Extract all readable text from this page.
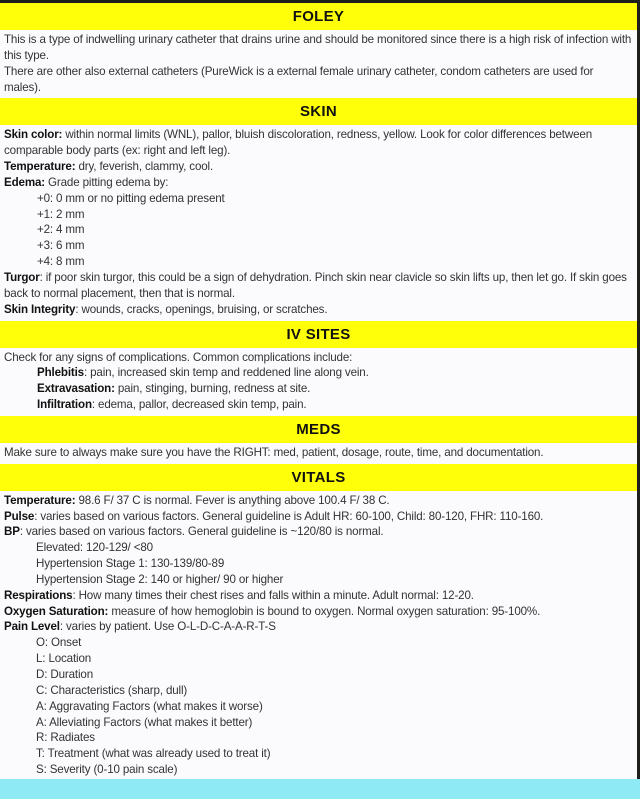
FOLEY
This is a type of indwelling urinary catheter that drains urine and should be monitored since there is a high risk of infection with this type.
There are other also external catheters (PureWick is a external female urinary catheter, condom catheters are used for males).
SKIN
Skin color: within normal limits (WNL), pallor, bluish discoloration, redness, yellow. Look for color differences between comparable body parts (ex: right and left leg).
Temperature: dry, feverish, clammy, cool.
Edema: Grade pitting edema by:
+0: 0 mm or no pitting edema present
+1: 2 mm
+2: 4 mm
+3: 6 mm
+4: 8 mm
Turgor: if poor skin turgor, this could be a sign of dehydration. Pinch skin near clavicle so skin lifts up, then let go. If skin goes back to normal placement, then that is normal.
Skin Integrity: wounds, cracks, openings, bruising, or scratches.
IV SITES
Check for any signs of complications. Common complications include:
Phlebitis: pain, increased skin temp and reddened line along vein.
Extravasation: pain, stinging, burning, redness at site.
Infiltration: edema, pallor, decreased skin temp, pain.
MEDS
Make sure to always make sure you have the RIGHT: med, patient, dosage, route, time, and documentation.
VITALS
Temperature: 98.6 F/ 37 C is normal. Fever is anything above 100.4 F/ 38 C.
Pulse: varies based on various factors. General guideline is Adult HR: 60-100, Child: 80-120, FHR: 110-160.
BP: varies based on various factors. General guideline is ~120/80 is normal.
Elevated: 120-129/ <80
Hypertension Stage 1: 130-139/80-89
Hypertension Stage 2: 140 or higher/ 90 or higher
Respirations: How many times their chest rises and falls within a minute. Adult normal: 12-20.
Oxygen Saturation: measure of how hemoglobin is bound to oxygen. Normal oxygen saturation: 95-100%.
Pain Level: varies by patient. Use O-L-D-C-A-A-R-T-S
O: Onset
L: Location
D: Duration
C: Characteristics (sharp, dull)
A: Aggravating Factors (what makes it worse)
A: Alleviating Factors (what makes it better)
R: Radiates
T: Treatment (what was already used to treat it)
S: Severity (0-10 pain scale)
